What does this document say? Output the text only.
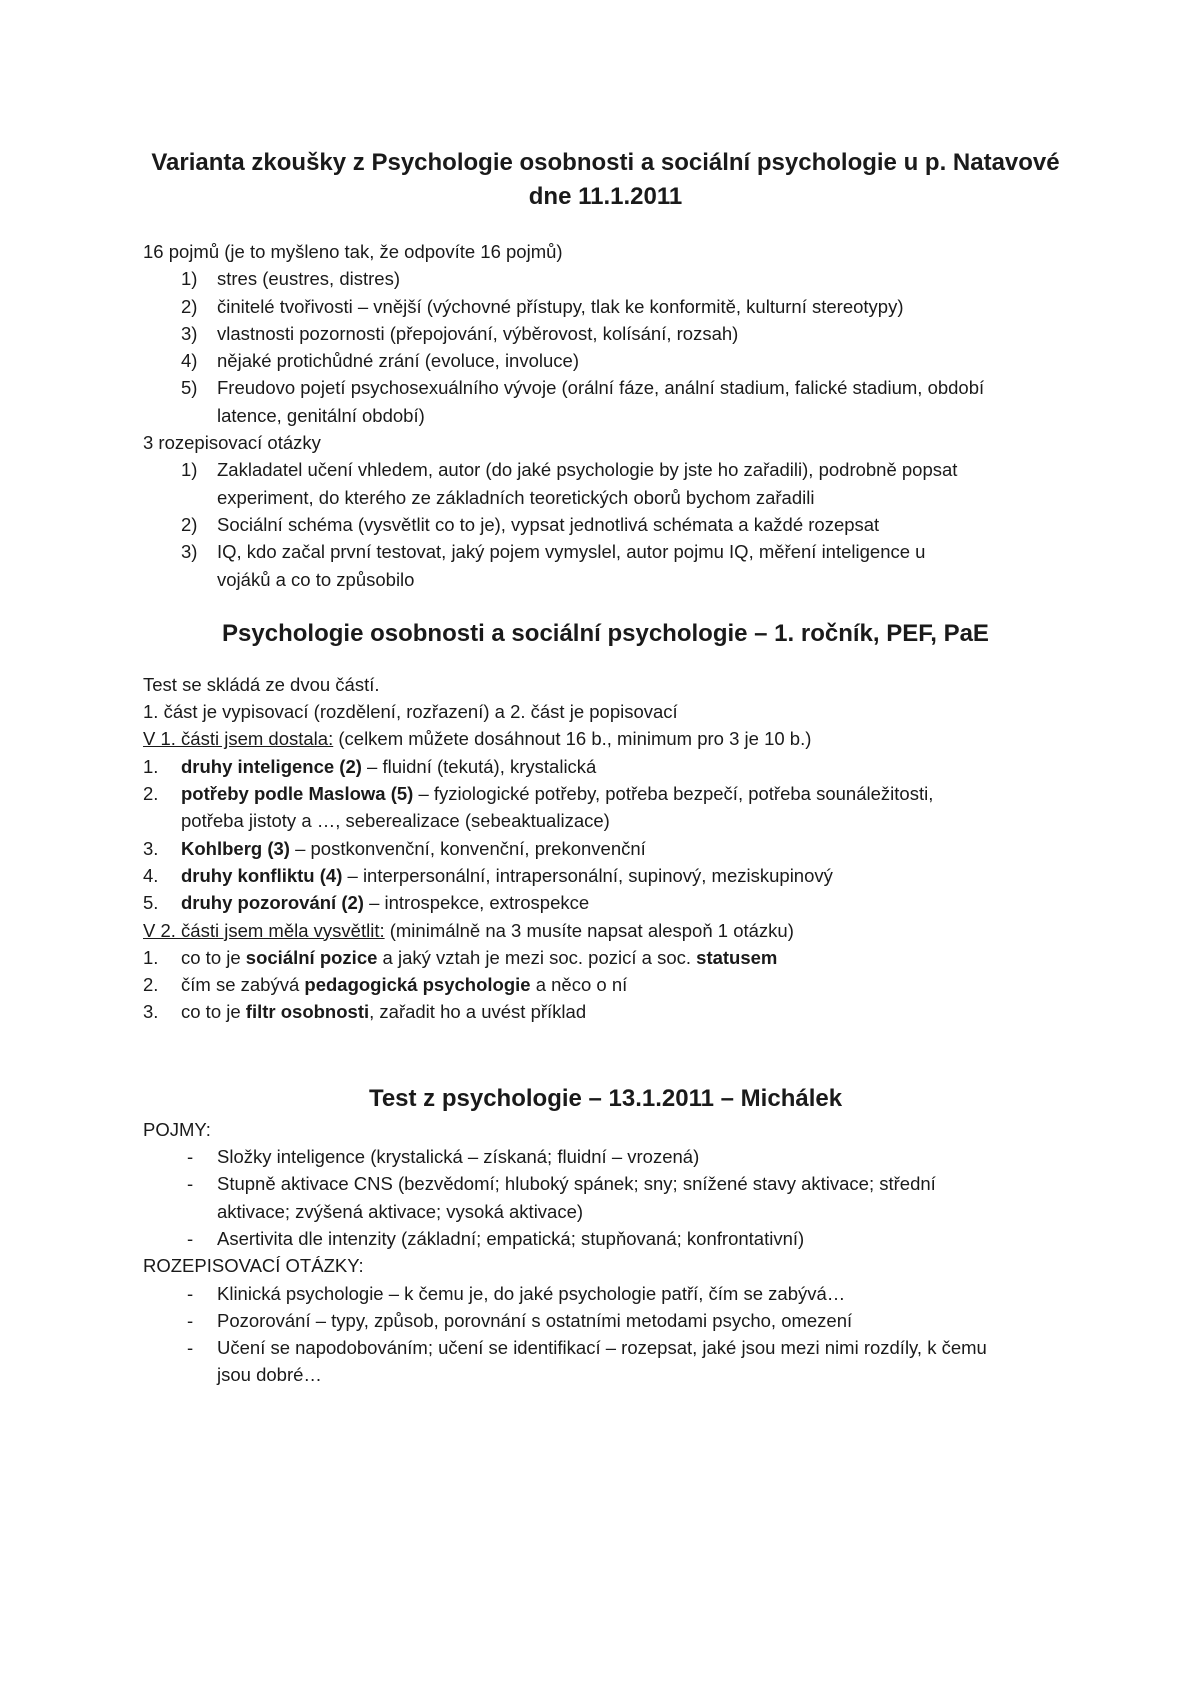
Varianta zkoušky z Psychologie osobnosti a sociální psychologie u p. Natavové
dne 11.1.2011
16 pojmů (je to myšleno tak, že odpovíte 16 pojmů)
1) stres (eustres, distres)
2) činitelé tvořivosti – vnější (výchovné přístupy, tlak ke konformitě, kulturní stereotypy)
3) vlastnosti pozornosti (přepojování, výběrovost, kolísání, rozsah)
4) nějaké protichůdné zrání (evoluce, involuce)
5) Freudovo pojetí psychosexuálního vývoje (orální fáze, anální stadium, falické stadium, období
latence, genitální období)
3 rozepisovací otázky
1) Zakladatel učení vhledem, autor (do jaké psychologie by jste ho zařadili), podrobně popsat
experiment, do kterého ze základních teoretických oborů bychom zařadili
2) Sociální schéma (vysvětlit co to je), vypsat jednotlivá schémata a každé rozepsat
3) IQ, kdo začal první testovat, jaký pojem vymyslel, autor pojmu IQ, měření inteligence u
vojáků a co to způsobilo
Psychologie osobnosti a sociální psychologie – 1. ročník, PEF, PaE
Test se skládá ze dvou částí.
1. část je vypisovací (rozdělení, rozřazení) a 2. část je popisovací
V 1. části jsem dostala: (celkem můžete dosáhnout 16 b., minimum pro 3 je 10 b.)
1. druhy inteligence (2) – fluidní (tekutá), krystalická
2. potřeby podle Maslowa (5) – fyziologické potřeby, potřeba bezpečí, potřeba sounáležitosti,
potřeba jistoty a …, seberealizace (sebeaktualizace)
3. Kohlberg (3) – postkonvenční, konvenční, prekonvenční
4. druhy konfliktu (4) – interpersonální, intrapersonální, supinový, meziskupinový
5. druhy pozorování (2) – introspekce, extrospekce
V 2. části jsem měla vysvětlit: (minimálně na 3 musíte napsat alespoň 1 otázku)
1. co to je sociální pozice a jaký vztah je mezi soc. pozicí a soc. statusem
2. čím se zabývá pedagogická psychologie a něco o ní
3. co to je filtr osobnosti, zařadit ho a uvést příklad
Test z psychologie – 13.1.2011 – Michálek
POJMY:
- Složky inteligence (krystalická – získaná; fluidní – vrozená)
- Stupně aktivace CNS (bezvědomí; hluboký spánek; sny; snížené stavy aktivace; střední
aktivace; zvýšená aktivace; vysoká aktivace)
- Asertivita dle intenzity (základní; empatická; stupňovaná; konfrontativní)
ROZEPISOVACÍ OTÁZKY:
- Klinická psychologie – k čemu je, do jaké psychologie patří, čím se zabývá…
- Pozorování – typy, způsob, porovnání s ostatními metodami psycho, omezení
- Učení se napodobováním; učení se identifikací – rozepsat, jaké jsou mezi nimi rozdíly, k čemu
jsou dobré…
